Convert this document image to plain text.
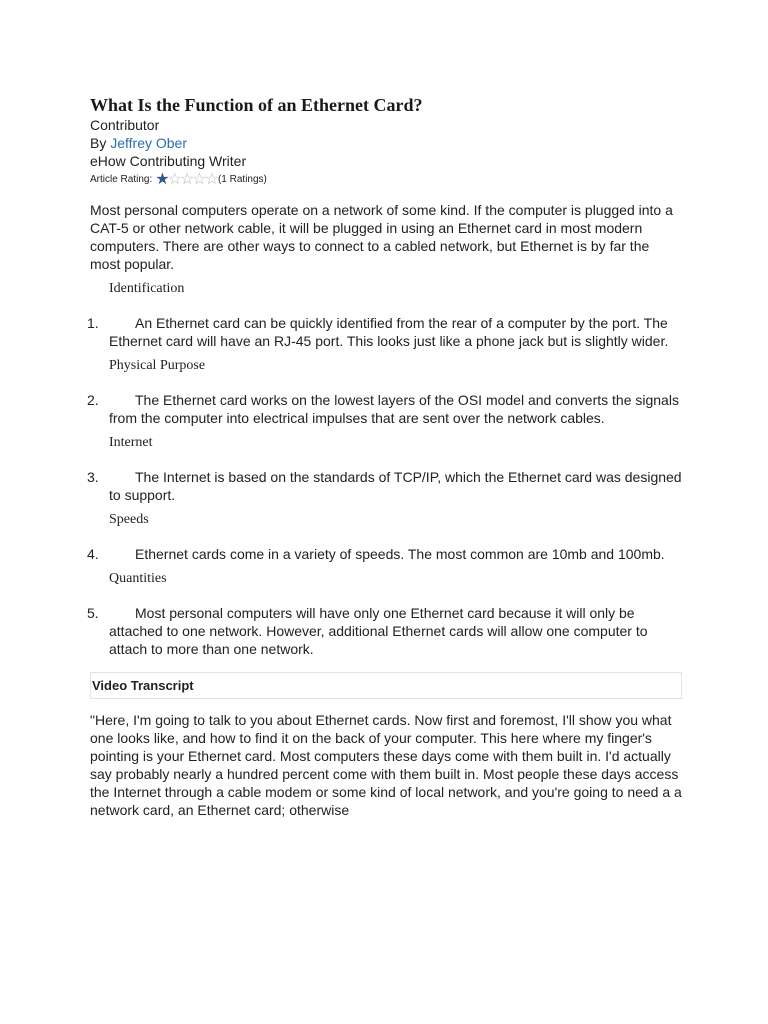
What Is the Function of an Ethernet Card?
Contributor
By Jeffrey Ober
eHow Contributing Writer
Article Rating: ★ ☆ ☆ ☆ ☆ (1 Ratings)

Most personal computers operate on a network of some kind. If the computer is plugged into a CAT-5 or other network cable, it will be plugged in using an Ethernet card in most modern computers. There are other ways to connect to a cabled network, but Ethernet is by far the most popular.

Identification
1.	An Ethernet card can be quickly identified from the rear of a computer by the port. The Ethernet card will have an RJ-45 port. This looks just like a phone jack but is slightly wider.
Physical Purpose
2.	The Ethernet card works on the lowest layers of the OSI model and converts the signals from the computer into electrical impulses that are sent over the network cables.
Internet
3.	The Internet is based on the standards of TCP/IP, which the Ethernet card was designed to support.
Speeds
4.	Ethernet cards come in a variety of speeds. The most common are 10mb and 100mb.
Quantities
5.	Most personal computers will have only one Ethernet card because it will only be attached to one network. However, additional Ethernet cards will allow one computer to attach to more than one network.
Video Transcript

"Here, I'm going to talk to you about Ethernet cards. Now first and foremost, I'll show you what one looks like, and how to find it on the back of your computer. This here where my finger's pointing is your Ethernet card. Most computers these days come with them built in. I'd actually say probably nearly a hundred percent come with them built in. Most people these days access the Internet through a cable modem or some kind of local network, and you're going to need a a network card, an Ethernet card; otherwise
